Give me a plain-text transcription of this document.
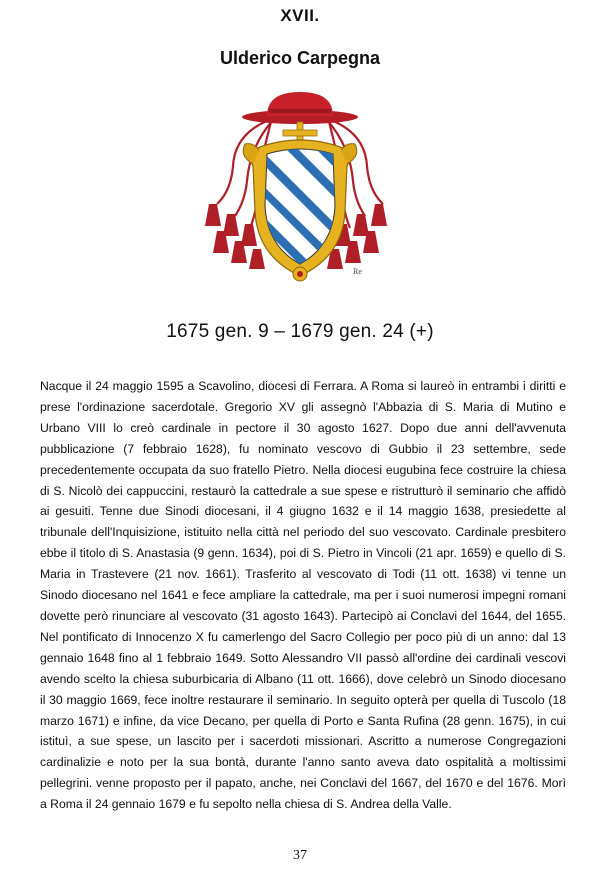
XVII.
Ulderico Carpegna
Re
1675 gen. 9 – 1679 gen. 24 (+)

Nacque il 24 maggio 1595 a Scavolino, diocesi di Ferrara. A Roma si laureò in entrambi i diritti e prese l'ordinazione sacerdotale. Gregorio XV gli assegnò l'Abbazia di S. Maria di Mutino e Urbano VIII lo creò cardinale in pectore il 30 agosto 1627. Dopo due anni dell'avvenuta pubblicazione (7 febbraio 1628), fu nominato vescovo di Gubbio il 23 settembre, sede precedentemente occupata da suo fratello Pietro. Nella diocesi eugubina fece costruire la chiesa di S. Nicolò dei cappuccini, restaurò la cattedrale a sue spese e ristrutturò il seminario che affidò ai gesuiti. Tenne due Sinodi diocesani, il 4 giugno 1632 e il 14 maggio 1638, presiedette al tribunale dell'Inquisizione, istituito nella città nel periodo del suo vescovato. Cardinale presbitero ebbe il titolo di S. Anastasia (9 genn. 1634), poi di S. Pietro in Vincoli (21 apr. 1659) e quello di S. Maria in Trastevere (21 nov. 1661). Trasferito al vescovato di Todi (11 ott. 1638) vi tenne un Sinodo diocesano nel 1641 e fece ampliare la cattedrale, ma per i suoi numerosi impegni romani dovette però rinunciare al vescovato (31 agosto 1643). Partecipò ai Conclavi del 1644, del 1655. Nel pontificato di Innocenzo X fu camerlengo del Sacro Collegio per poco più di un anno: dal 13 gennaio 1648 fino al 1 febbraio 1649. Sotto Alessandro VII passò all'ordine dei cardinali vescovi avendo scelto la chiesa suburbicaria di Albano (11 ott. 1666), dove celebrò un Sinodo diocesano il 30 maggio 1669, fece inoltre restaurare il seminario. In seguito opterà per quella di Tuscolo (18 marzo 1671) e infine, da vice Decano, per quella di Porto e Santa Rufina (28 genn. 1675), in cui istituì, a sue spese, un lascito per i sacerdoti missionari. Ascritto a numerose Congregazioni cardinalizie e noto per la sua bontà, durante l'anno santo aveva dato ospitalità a moltissimi pellegrini. venne proposto per il papato, anche, nei Conclavi del 1667, del 1670 e del 1676. Morì a Roma il 24 gennaio 1679 e fu sepolto nella chiesa di S. Andrea della Valle.

37
